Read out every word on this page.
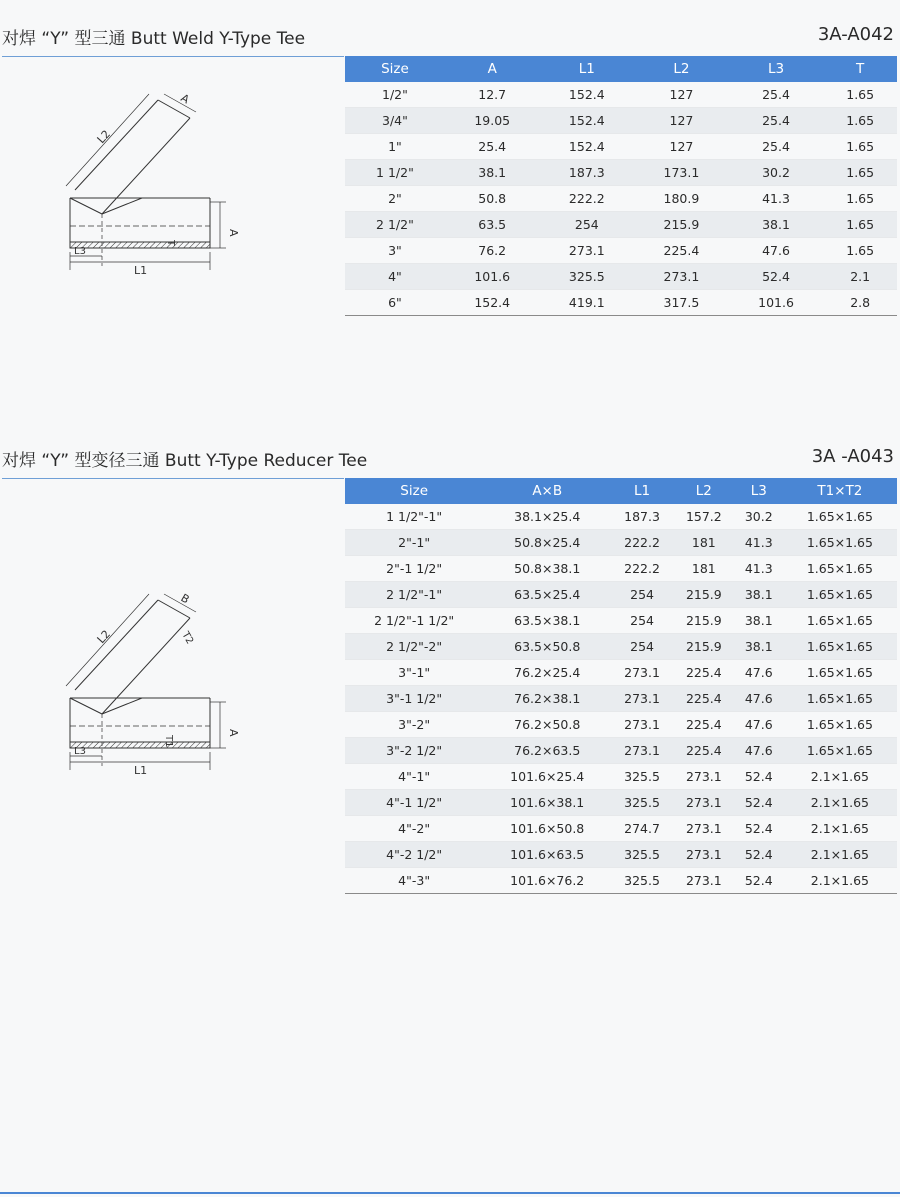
对焊 “Y” 型三通 Butt Weld Y-Type Tee	3A-A042
L2
A
A
T
L3
L1
Size	A	L1	L2	L3	T
1/2"	12.7	152.4	127	25.4	1.65
3/4"	19.05	152.4	127	25.4	1.65
1"	25.4	152.4	127	25.4	1.65
1 1/2"	38.1	187.3	173.1	30.2	1.65
2"	50.8	222.2	180.9	41.3	1.65
2 1/2"	63.5	254	215.9	38.1	1.65
3"	76.2	273.1	225.4	47.6	1.65
4"	101.6	325.5	273.1	52.4	2.1
6"	152.4	419.1	317.5	101.6	2.8
对焊 “Y” 型变径三通 Butt Y-Type Reducer Tee	3A -A043
L2
B
T2
A
T1
L3
L1
Size	A×B	L1	L2	L3	T1×T2
1 1/2"-1"	38.1×25.4	187.3	157.2	30.2	1.65×1.65
2"-1"	50.8×25.4	222.2	181	41.3	1.65×1.65
2"-1 1/2"	50.8×38.1	222.2	181	41.3	1.65×1.65
2 1/2"-1"	63.5×25.4	254	215.9	38.1	1.65×1.65
2 1/2"-1 1/2"	63.5×38.1	254	215.9	38.1	1.65×1.65
2 1/2"-2"	63.5×50.8	254	215.9	38.1	1.65×1.65
3"-1"	76.2×25.4	273.1	225.4	47.6	1.65×1.65
3"-1 1/2"	76.2×38.1	273.1	225.4	47.6	1.65×1.65
3"-2"	76.2×50.8	273.1	225.4	47.6	1.65×1.65
3"-2 1/2"	76.2×63.5	273.1	225.4	47.6	1.65×1.65
4"-1"	101.6×25.4	325.5	273.1	52.4	2.1×1.65
4"-1 1/2"	101.6×38.1	325.5	273.1	52.4	2.1×1.65
4"-2"	101.6×50.8	274.7	273.1	52.4	2.1×1.65
4"-2 1/2"	101.6×63.5	325.5	273.1	52.4	2.1×1.65
4"-3"	101.6×76.2	325.5	273.1	52.4	2.1×1.65
